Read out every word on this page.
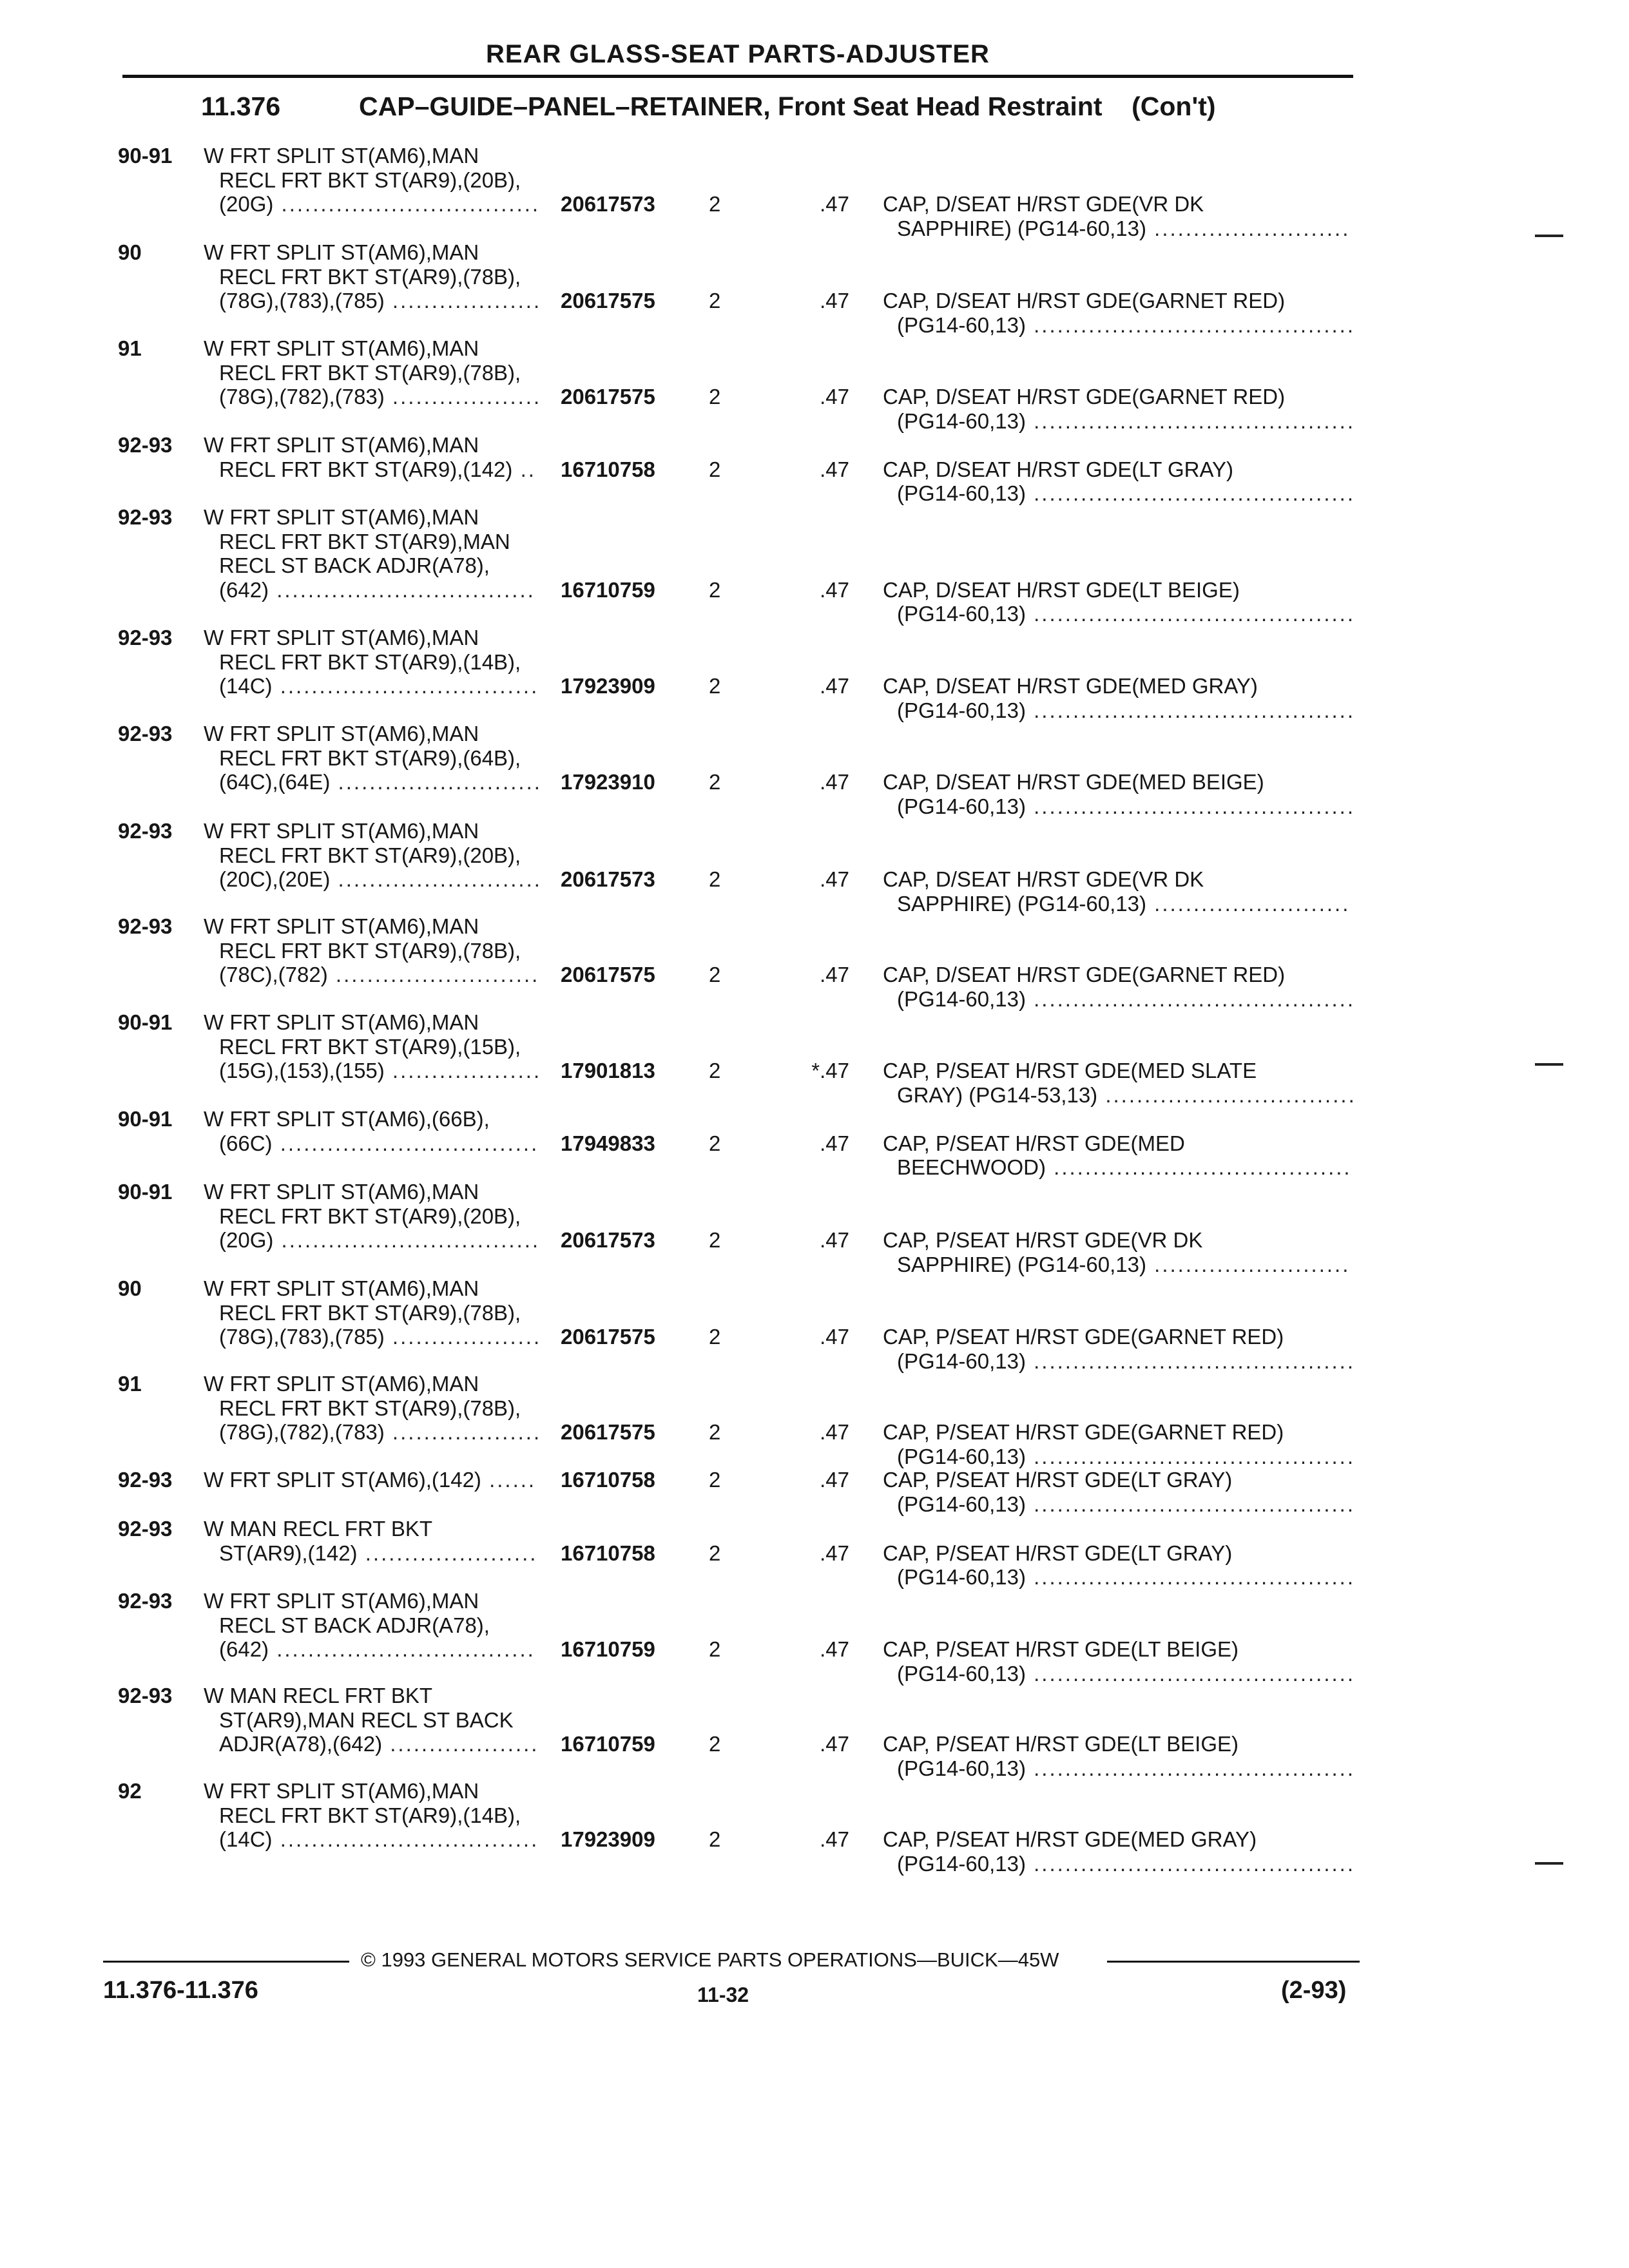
REAR GLASS-SEAT PARTS-ADJUSTER
11.376	CAP–GUIDE–PANEL–RETAINER, Front Seat Head Restraint (Con't)
90-91 W FRT SPLIT ST(AM6),MAN
RECL FRT BKT ST(AR9),(20B),
(20G) ................................. 20617573	2	.47 CAP, D/SEAT H/RST GDE(VR DK
SAPPHIRE) (PG14-60,13) .........................
90	W FRT SPLIT ST(AM6),MAN
RECL FRT BKT ST(AR9),(78B),
(78G),(783),(785) ................... 20617575	2	.47 CAP, D/SEAT H/RST GDE(GARNET RED)
(PG14-60,13) .........................................
91	W FRT SPLIT ST(AM6),MAN
RECL FRT BKT ST(AR9),(78B),
(78G),(782),(783) ................... 20617575	2	.47 CAP, D/SEAT H/RST GDE(GARNET RED)
(PG14-60,13) .........................................
92-93 W FRT SPLIT ST(AM6),MAN
RECL FRT BKT ST(AR9),(142) .. 16710758	2	.47 CAP, D/SEAT H/RST GDE(LT GRAY)
(PG14-60,13) .........................................
92-93 W FRT SPLIT ST(AM6),MAN
RECL FRT BKT ST(AR9),MAN
RECL ST BACK ADJR(A78),
(642) ................................. 16710759	2	.47 CAP, D/SEAT H/RST GDE(LT BEIGE)
(PG14-60,13) .........................................
92-93 W FRT SPLIT ST(AM6),MAN
RECL FRT BKT ST(AR9),(14B),
(14C) ................................. 17923909	2	.47 CAP, D/SEAT H/RST GDE(MED GRAY)
(PG14-60,13) .........................................
92-93 W FRT SPLIT ST(AM6),MAN
RECL FRT BKT ST(AR9),(64B),
(64C),(64E) .......................... 17923910	2	.47 CAP, D/SEAT H/RST GDE(MED BEIGE)
(PG14-60,13) .........................................
92-93 W FRT SPLIT ST(AM6),MAN
RECL FRT BKT ST(AR9),(20B),
(20C),(20E) .......................... 20617573	2	.47 CAP, D/SEAT H/RST GDE(VR DK
SAPPHIRE) (PG14-60,13) .........................
92-93 W FRT SPLIT ST(AM6),MAN
RECL FRT BKT ST(AR9),(78B),
(78C),(782) .......................... 20617575	2	.47 CAP, D/SEAT H/RST GDE(GARNET RED)
(PG14-60,13) .........................................
90-91 W FRT SPLIT ST(AM6),MAN
RECL FRT BKT ST(AR9),(15B),
(15G),(153),(155) ................... 17901813	2	*.47 CAP, P/SEAT H/RST GDE(MED SLATE
GRAY) (PG14-53,13) ................................
90-91 W FRT SPLIT ST(AM6),(66B),
(66C) ................................. 17949833	2	.47 CAP, P/SEAT H/RST GDE(MED
BEECHWOOD) ......................................
90-91 W FRT SPLIT ST(AM6),MAN
RECL FRT BKT ST(AR9),(20B),
(20G) ................................. 20617573	2	.47 CAP, P/SEAT H/RST GDE(VR DK
SAPPHIRE) (PG14-60,13) .........................
90	W FRT SPLIT ST(AM6),MAN
RECL FRT BKT ST(AR9),(78B),
(78G),(783),(785) ................... 20617575	2	.47 CAP, P/SEAT H/RST GDE(GARNET RED)
(PG14-60,13) .........................................
91	W FRT SPLIT ST(AM6),MAN
RECL FRT BKT ST(AR9),(78B),
(78G),(782),(783) ................... 20617575	2	.47 CAP, P/SEAT H/RST GDE(GARNET RED)
(PG14-60,13) .........................................
92-93 W FRT SPLIT ST(AM6),(142) ...... 16710758	2	.47 CAP, P/SEAT H/RST GDE(LT GRAY)
(PG14-60,13) .........................................
92-93 W MAN RECL FRT BKT
ST(AR9),(142) ...................... 16710758	2	.47 CAP, P/SEAT H/RST GDE(LT GRAY)
(PG14-60,13) .........................................
92-93 W FRT SPLIT ST(AM6),MAN
RECL ST BACK ADJR(A78),
(642) ................................. 16710759	2	.47 CAP, P/SEAT H/RST GDE(LT BEIGE)
(PG14-60,13) .........................................
92-93 W MAN RECL FRT BKT
ST(AR9),MAN RECL ST BACK
ADJR(A78),(642) ................... 16710759	2	.47 CAP, P/SEAT H/RST GDE(LT BEIGE)
(PG14-60,13) .........................................
92	W FRT SPLIT ST(AM6),MAN
RECL FRT BKT ST(AR9),(14B),
(14C) ................................. 17923909	2	.47 CAP, P/SEAT H/RST GDE(MED GRAY)
(PG14-60,13) .........................................
© 1993 GENERAL MOTORS SERVICE PARTS OPERATIONS—BUICK—45W
11.376-11.376	11-32	(2-93)
